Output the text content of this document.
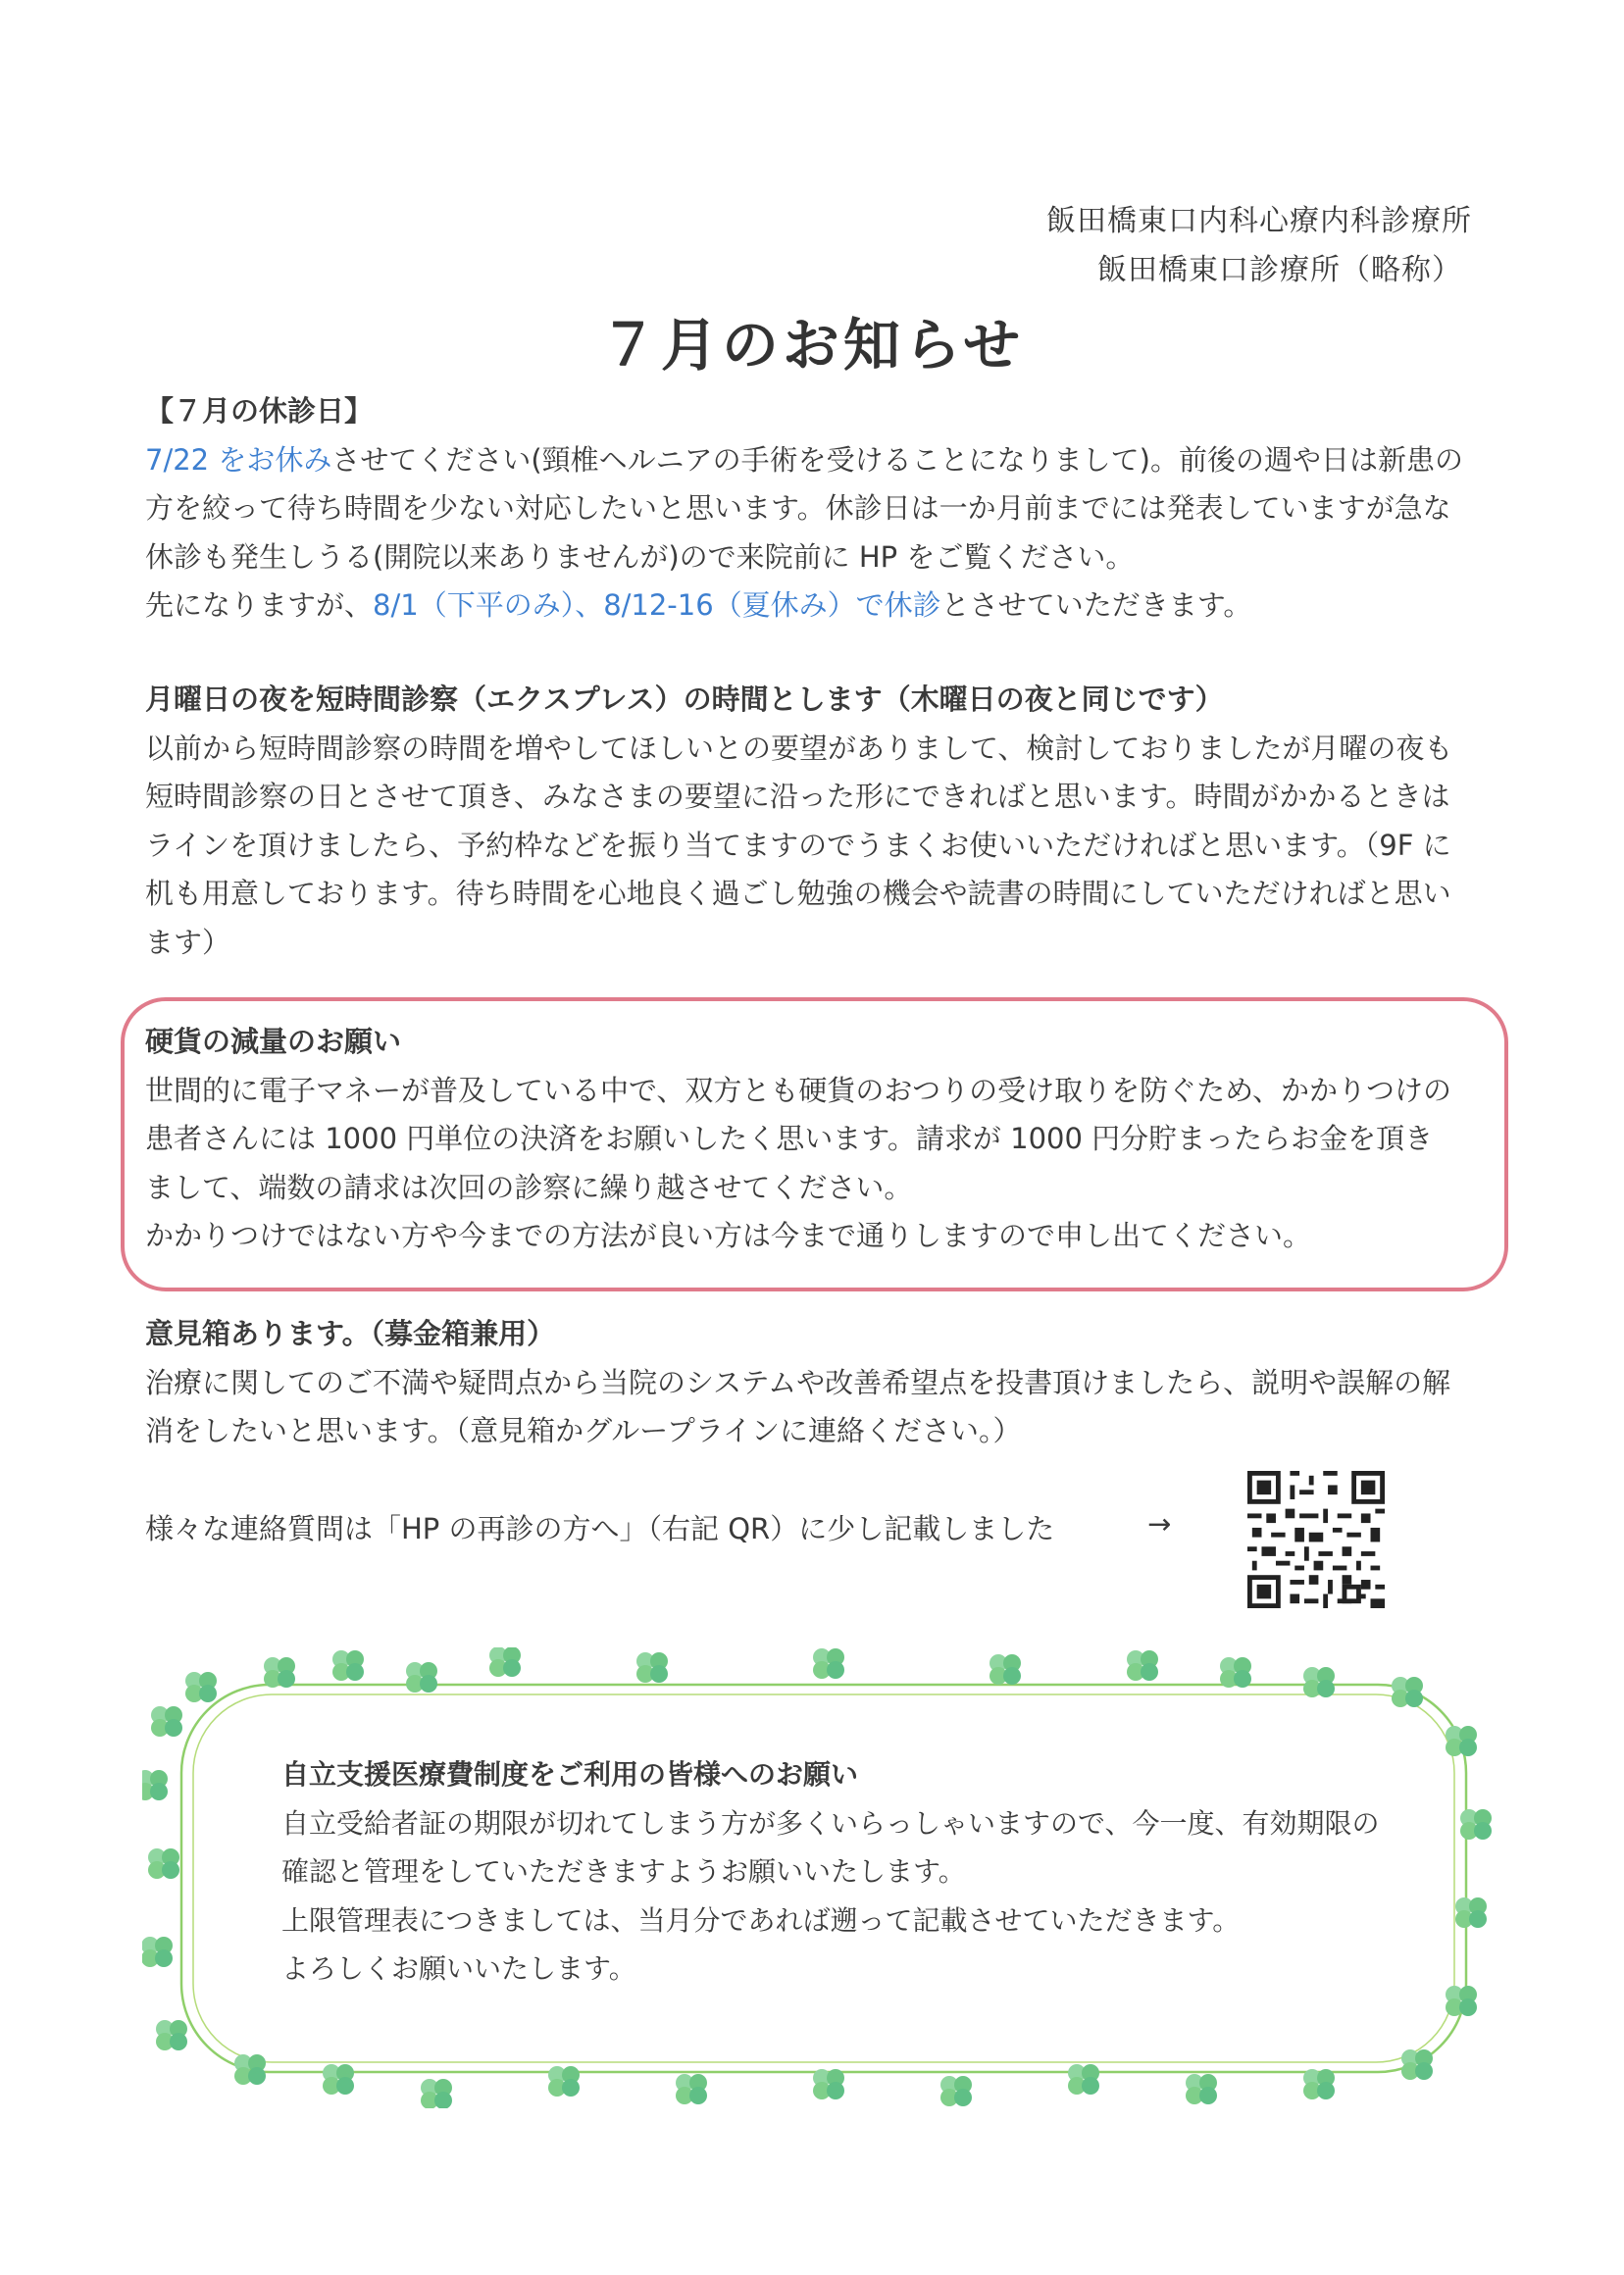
飯田橋東口内科心療内科診療所
飯田橋東口診療所（略称）
７月のお知らせ
【７月の休診日】
7/22 をお休みさせてください(頸椎ヘルニアの手術を受けることになりまして)。前後の週や日は新患の
方を絞って待ち時間を少ない対応したいと思います。休診日は一か月前までには発表していますが急な
休診も発生しうる(開院以来ありませんが)ので来院前に HP をご覧ください。
先になりますが、8/1（下平のみ）、8/12-16（夏休み）で休診とさせていただきます。
月曜日の夜を短時間診察（エクスプレス）の時間とします（木曜日の夜と同じです）
以前から短時間診察の時間を増やしてほしいとの要望がありまして、検討しておりましたが月曜の夜も
短時間診察の日とさせて頂き、みなさまの要望に沿った形にできればと思います。時間がかかるときは
ラインを頂けましたら、予約枠などを振り当てますのでうまくお使いいただければと思います。（9F に
机も用意しております。待ち時間を心地良く過ごし勉強の機会や読書の時間にしていただければと思い
ます）
硬貨の減量のお願い
世間的に電子マネーが普及している中で、双方とも硬貨のおつりの受け取りを防ぐため、かかりつけの
患者さんには 1000 円単位の決済をお願いしたく思います。請求が 1000 円分貯まったらお金を頂き
まして、端数の請求は次回の診察に繰り越させてください。
かかりつけではない方や今までの方法が良い方は今まで通りしますので申し出てください。
意見箱あります。（募金箱兼用）
治療に関してのご不満や疑問点から当院のシステムや改善希望点を投書頂けましたら、説明や誤解の解
消をしたいと思います。（意見箱かグループラインに連絡ください。）
様々な連絡質問は「HP の再診の方へ」（右記 QR）に少し記載しました	→
自立支援医療費制度をご利用の皆様へのお願い
自立受給者証の期限が切れてしまう方が多くいらっしゃいますので、今一度、有効期限の
確認と管理をしていただきますようお願いいたします。
上限管理表につきましては、当月分であれば遡って記載させていただきます。
よろしくお願いいたします。
